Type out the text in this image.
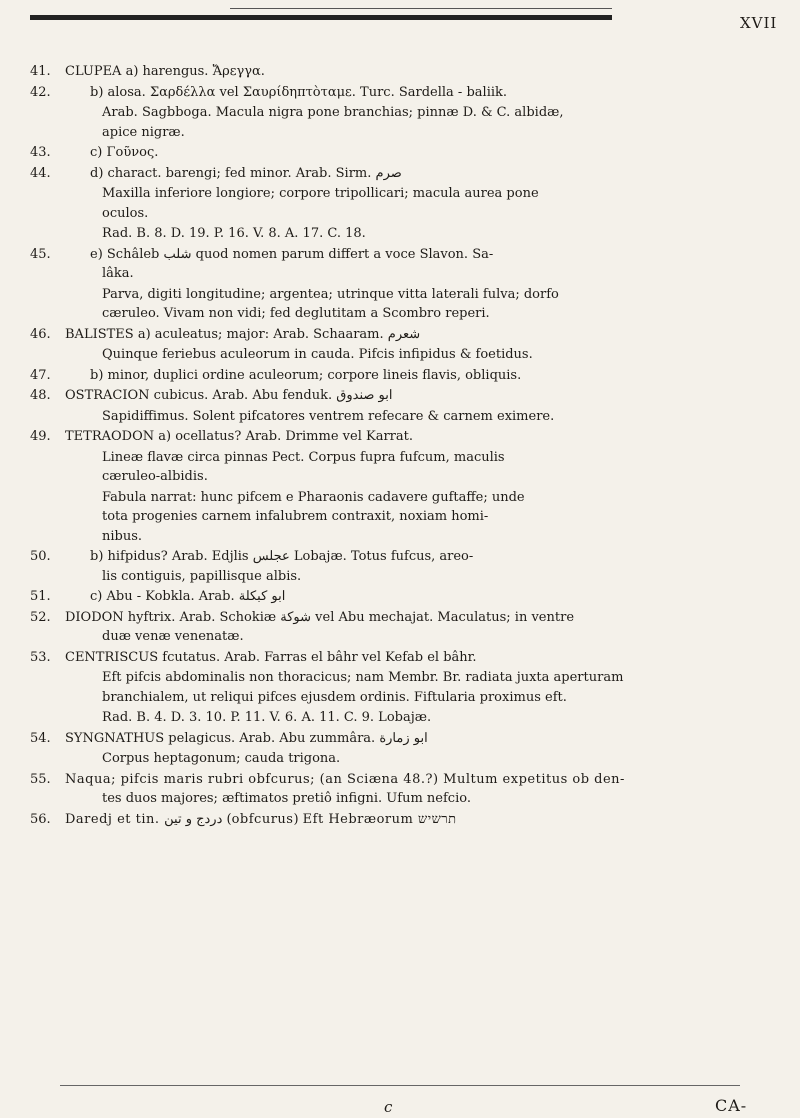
XVII
41.	CLUPEA a) harengus. Ἄρεγγα.
42.	b) alosa. Σαρδέλλα vel Σαυρίδηπτὸταμε. Turc. Sardella - baliik.
Arab. Sagbboga. Macula nigra pone branchias; pinnæ D. & C. albidæ,
apice nigræ.
43.	c) Γοῦνος.
44.	d) charact. barengi; fed minor. Arab. Sirm. صرم
Maxilla inferiore longiore; corpore tripollicari; macula aurea pone
oculos.
Rad. B. 8. D. 19. P. 16. V. 8. A. 17. C. 18.
45.	e) Schâleb شلب quod nomen parum differt a voce Slavon. Sa-
lâka.
Parva, digiti longitudine; argentea; utrinque vitta laterali fulva; dorfo
cæruleo. Vivam non vidi; fed deglutitam a Scombro reperi.
46.	BALISTES a) aculeatus; major: Arab. Schaaram. شعرم
Quinque feriebus aculeorum in cauda. Pifcis infipidus & foetidus.
47.	b) minor, duplici ordine aculeorum; corpore lineis flavis, obliquis.
48.	OSTRACION cubicus. Arab. Abu fenduk. ابو صندوق
Sapidiffimus. Solent pifcatores ventrem refecare & carnem eximere.
49.	TETRAODON a) ocellatus? Arab. Drimme vel Karrat.
Lineæ flavæ circa pinnas Pect. Corpus fupra fufcum, maculis
cæruleo-albidis.
Fabula narrat: hunc pifcem e Pharaonis cadavere guftaffe; unde
tota progenies carnem infalubrem contraxit, noxiam homi-
nibus.
50.	b) hifpidus? Arab. Edjlis عجلس Lobajæ. Totus fufcus, areo-
lis contiguis, papillisque albis.
51.	c) Abu - Kobkla. Arab. ابو كبكلة
52.	DIODON hyftrix. Arab. Schokiæ شوكة vel Abu mechajat. Maculatus; in ventre
duæ venæ venenatæ.
53.	CENTRISCUS fcutatus. Arab. Farras el bâhr vel Kefab el bâhr.
Eft pifcis abdominalis non thoracicus; nam Membr. Br. radiata juxta aperturam
branchialem, ut reliqui pifces ejusdem ordinis. Fiftularia proximus eft.
Rad. B. 4. D. 3. 10. P. 11. V. 6. A. 11. C. 9. Lobajæ.
54.	SYNGNATHUS pelagicus. Arab. Abu zummâra. ابو زمارة
Corpus heptagonum; cauda trigona.
55.	Naqua; pifcis maris rubri obfcurus; (an Sciæna 48.?) Multum expetitus ob den-
tes duos majores; æftimatos pretiô infigni. Ufum nefcio.
56.	Daredj et tin. دردج و تين (obfcurus) Eft Hebræorum תרשיש
c	CA-
